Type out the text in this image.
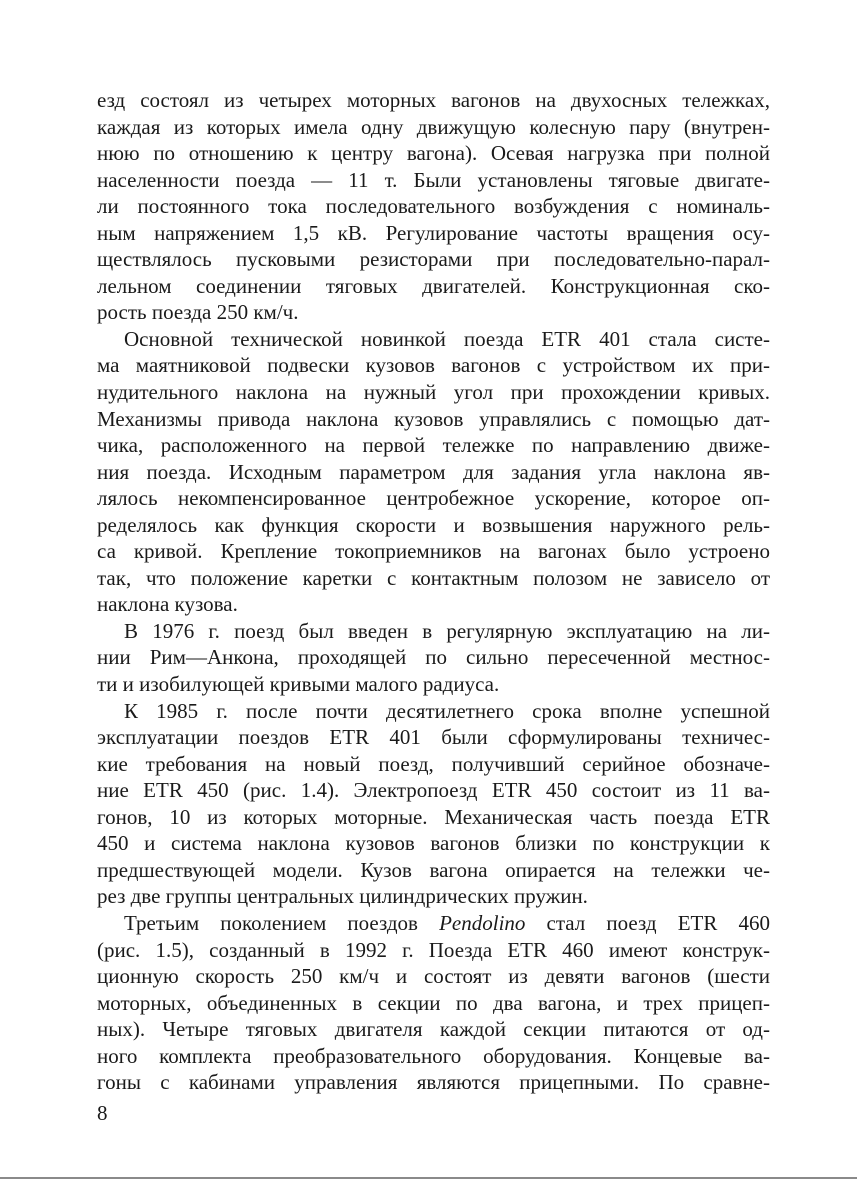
езд состоял из четырех моторных вагонов на двухосных тележках,
каждая из которых имела одну движущую колесную пару (внутрен-
нюю по отношению к центру вагона). Осевая нагрузка при полной
населенности поезда — 11 т. Были установлены тяговые двигате-
ли постоянного тока последовательного возбуждения с номиналь-
ным напряжением 1,5 кВ. Регулирование частоты вращения осу-
ществлялось пусковыми резисторами при последовательно-парал-
лельном соединении тяговых двигателей. Конструкционная ско-
рость поезда 250 км/ч.
Основной технической новинкой поезда ETR 401 стала систе-
ма маятниковой подвески кузовов вагонов с устройством их при-
нудительного наклона на нужный угол при прохождении кривых.
Механизмы привода наклона кузовов управлялись с помощью дат-
чика, расположенного на первой тележке по направлению движе-
ния поезда. Исходным параметром для задания угла наклона яв-
лялось некомпенсированное центробежное ускорение, которое оп-
ределялось как функция скорости и возвышения наружного рель-
са кривой. Крепление токоприемников на вагонах было устроено
так, что положение каретки с контактным полозом не зависело от
наклона кузова.
В 1976 г. поезд был введен в регулярную эксплуатацию на ли-
нии Рим—Анкона, проходящей по сильно пересеченной местнос-
ти и изобилующей кривыми малого радиуса.
К 1985 г. после почти десятилетнего срока вполне успешной
эксплуатации поездов ETR 401 были сформулированы техничес-
кие требования на новый поезд, получивший серийное обозначе-
ние ETR 450 (рис. 1.4). Электропоезд ETR 450 состоит из 11 ва-
гонов, 10 из которых моторные. Механическая часть поезда ETR
450 и система наклона кузовов вагонов близки по конструкции к
предшествующей модели. Кузов вагона опирается на тележки че-
рез две группы центральных цилиндрических пружин.
Третьим поколением поездов Pendolino стал поезд ETR 460
(рис. 1.5), созданный в 1992 г. Поезда ETR 460 имеют конструк-
ционную скорость 250 км/ч и состоят из девяти вагонов (шести
моторных, объединенных в секции по два вагона, и трех прицеп-
ных). Четыре тяговых двигателя каждой секции питаются от од-
ного комплекта преобразовательного оборудования. Концевые ва-
гоны с кабинами управления являются прицепными. По сравне-
8
